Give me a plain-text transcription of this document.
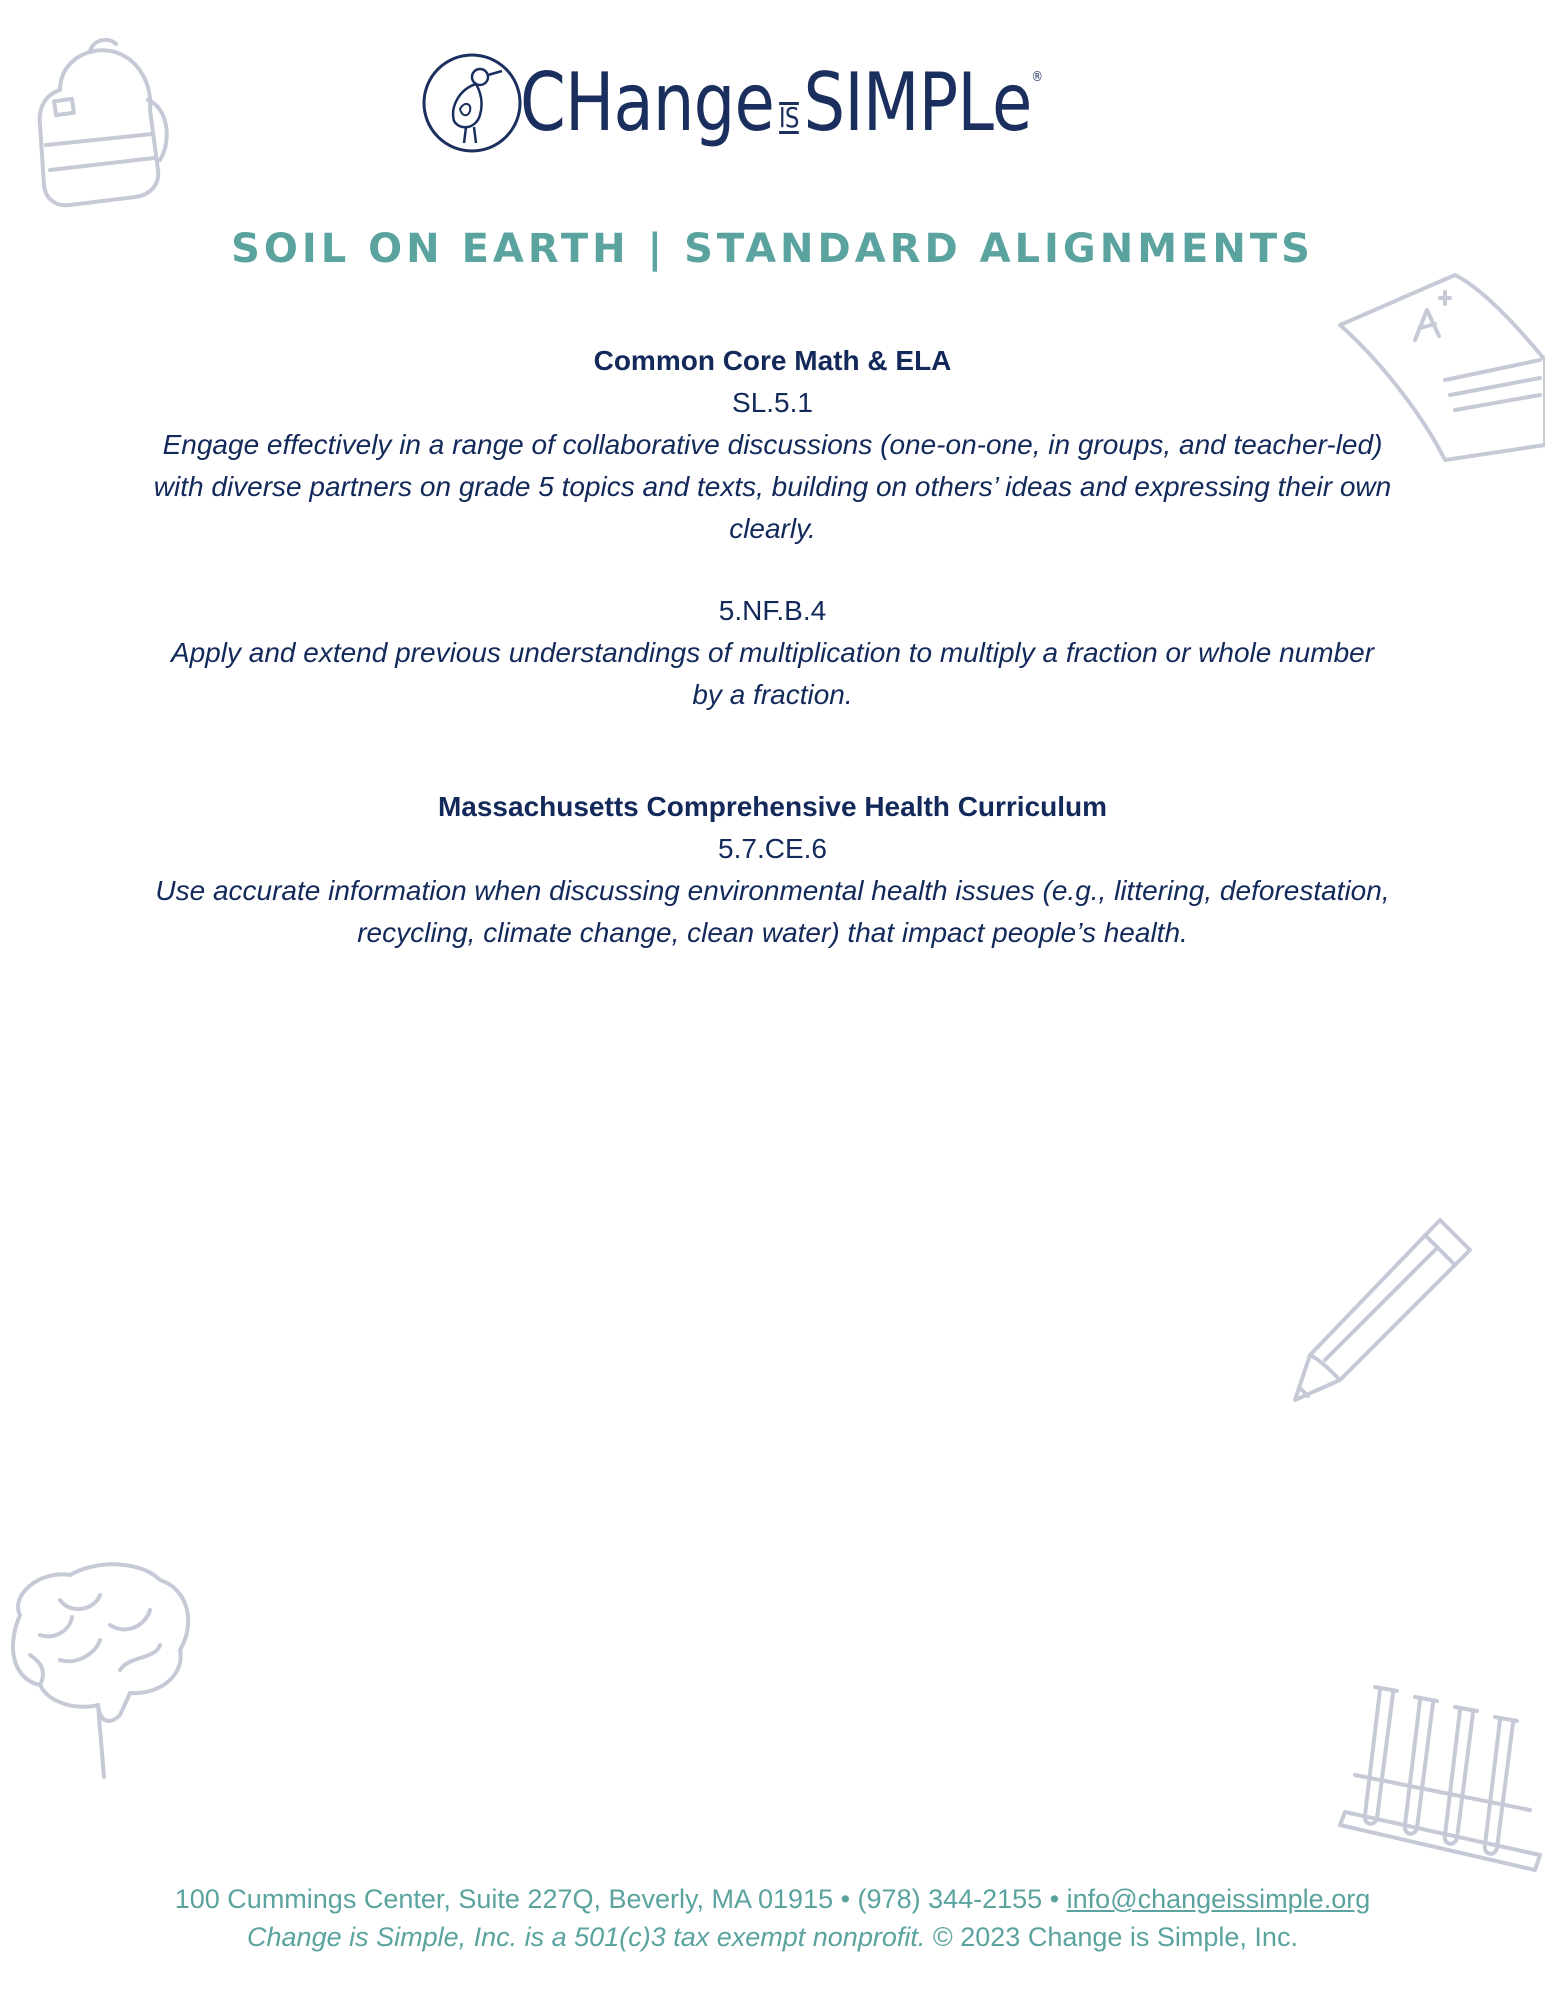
CHange ISSIMPLe®
SOIL ON EARTH | STANDARD ALIGNMENTS

Common Core Math & ELA

SL.5.1
Engage effectively in a range of collaborative discussions (one-on-one, in groups, and teacher-led) with diverse partners on grade 5 topics and texts, building on others’ ideas and expressing their own clearly.
5.NF.B.4
Apply and extend previous understandings of multiplication to multiply a fraction or whole number by a fraction.

Massachusetts Comprehensive Health Curriculum

5.7.CE.6
Use accurate information when discussing environmental health issues (e.g., littering, deforestation, recycling, climate change, clean water) that impact people’s health.
100 Cummings Center, Suite 227Q, Beverly, MA 01915 • (978) 344-2155 • info@changeissimple.org
Change is Simple, Inc. is a 501(c)3 tax exempt nonprofit. © 2023 Change is Simple, Inc.
